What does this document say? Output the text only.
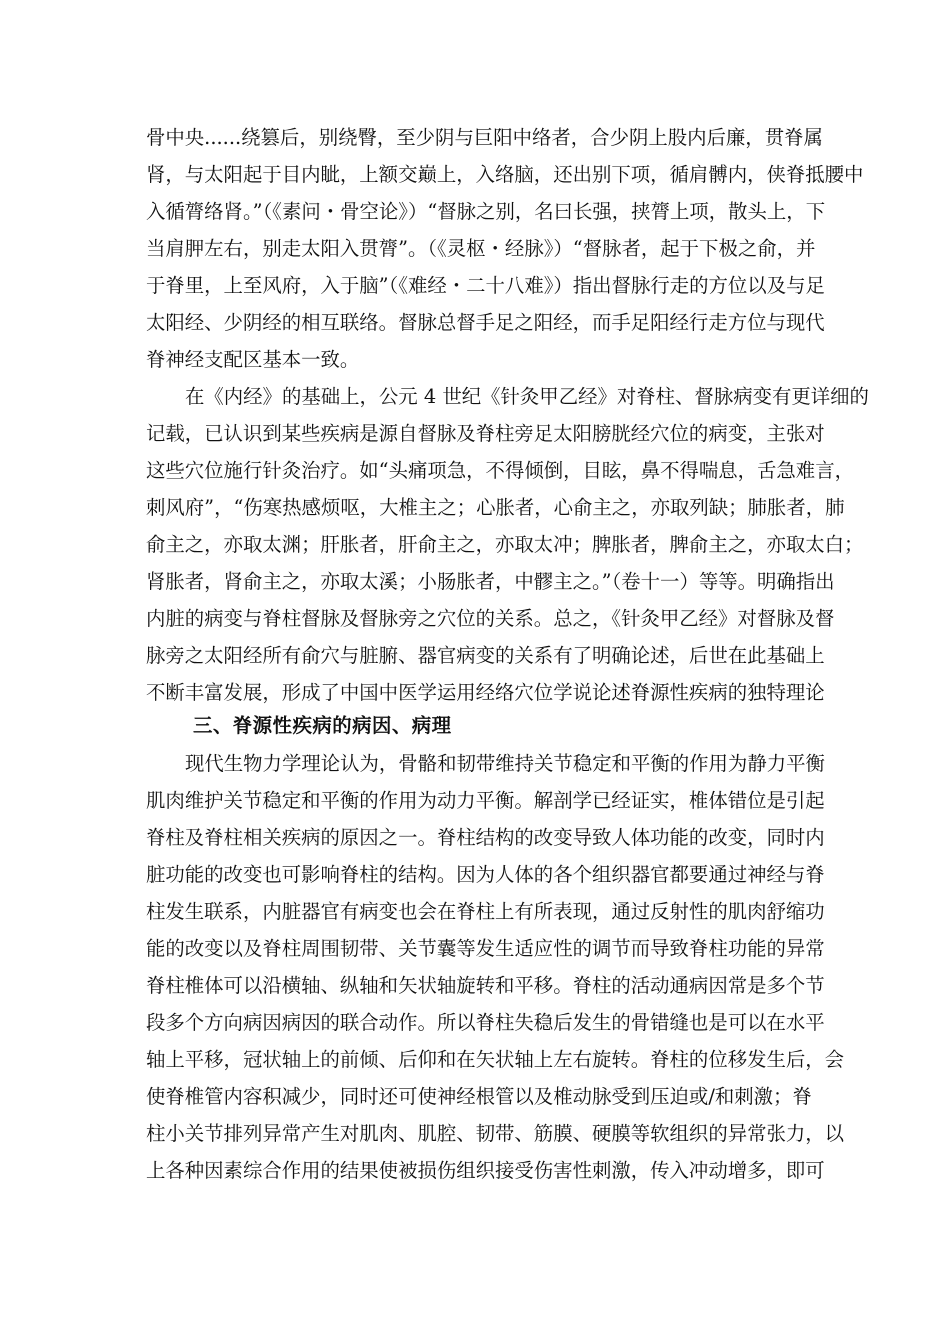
骨中央......绕篡后，别绕臀，至少阴与巨阳中络者，合少阴上股内后廉，贯脊属
肾，与太阳起于目内眦，上额交巅上，入络脑，还出别下项，循肩髆内，侠脊抵腰中
入循膂络肾。”（《素问・骨空论》）“督脉之别，名曰长强，挟膂上项，散头上，下
当肩胛左右，别走太阳入贯膂”。（《灵枢・经脉》）“督脉者，起于下极之俞，并
于脊里，上至风府，入于脑”（《难经・二十八难》）指出督脉行走的方位以及与足
太阳经、少阴经的相互联络。督脉总督手足之阳经，而手足阳经行走方位与现代
脊神经支配区基本一致。
在《内经》的基础上，公元 4 世纪《针灸甲乙经》对脊柱、督脉病变有更详细的
记载，已认识到某些疾病是源自督脉及脊柱旁足太阳膀胱经穴位的病变，主张对
这些穴位施行针灸治疗。如“头痛项急，不得倾倒，目眩，鼻不得喘息，舌急难言，
刺风府”，“伤寒热感烦呕，大椎主之；心胀者，心俞主之，亦取列缺；肺胀者，肺
俞主之，亦取太渊；肝胀者，肝俞主之，亦取太冲；脾胀者，脾俞主之，亦取太白；
肾胀者，肾俞主之，亦取太溪；小肠胀者，中髎主之。”（卷十一）等等。明确指出
内脏的病变与脊柱督脉及督脉旁之穴位的关系。总之，《针灸甲乙经》对督脉及督
脉旁之太阳经所有俞穴与脏腑、器官病变的关系有了明确论述，后世在此基础上
不断丰富发展，形成了中国中医学运用经络穴位学说论述脊源性疾病的独特理论
三、脊源性疾病的病因、病理
现代生物力学理论认为，骨骼和韧带维持关节稳定和平衡的作用为静力平衡
肌肉维护关节稳定和平衡的作用为动力平衡。解剖学已经证实，椎体错位是引起
脊柱及脊柱相关疾病的原因之一。脊柱结构的改变导致人体功能的改变，同时内
脏功能的改变也可影响脊柱的结构。因为人体的各个组织器官都要通过神经与脊
柱发生联系，内脏器官有病变也会在脊柱上有所表现，通过反射性的肌肉舒缩功
能的改变以及脊柱周围韧带、关节囊等发生适应性的调节而导致脊柱功能的异常
脊柱椎体可以沿横轴、纵轴和矢状轴旋转和平移。脊柱的活动通病因常是多个节
段多个方向病因病因的联合动作。所以脊柱失稳后发生的骨错缝也是可以在水平
轴上平移，冠状轴上的前倾、后仰和在矢状轴上左右旋转。脊柱的位移发生后，会
使脊椎管内容积减少，同时还可使神经根管以及椎动脉受到压迫或/和刺激；脊
柱小关节排列异常产生对肌肉、肌腔、韧带、筋膜、硬膜等软组织的异常张力，以
上各种因素综合作用的结果使被损伤组织接受伤害性刺激，传入冲动增多，即可
